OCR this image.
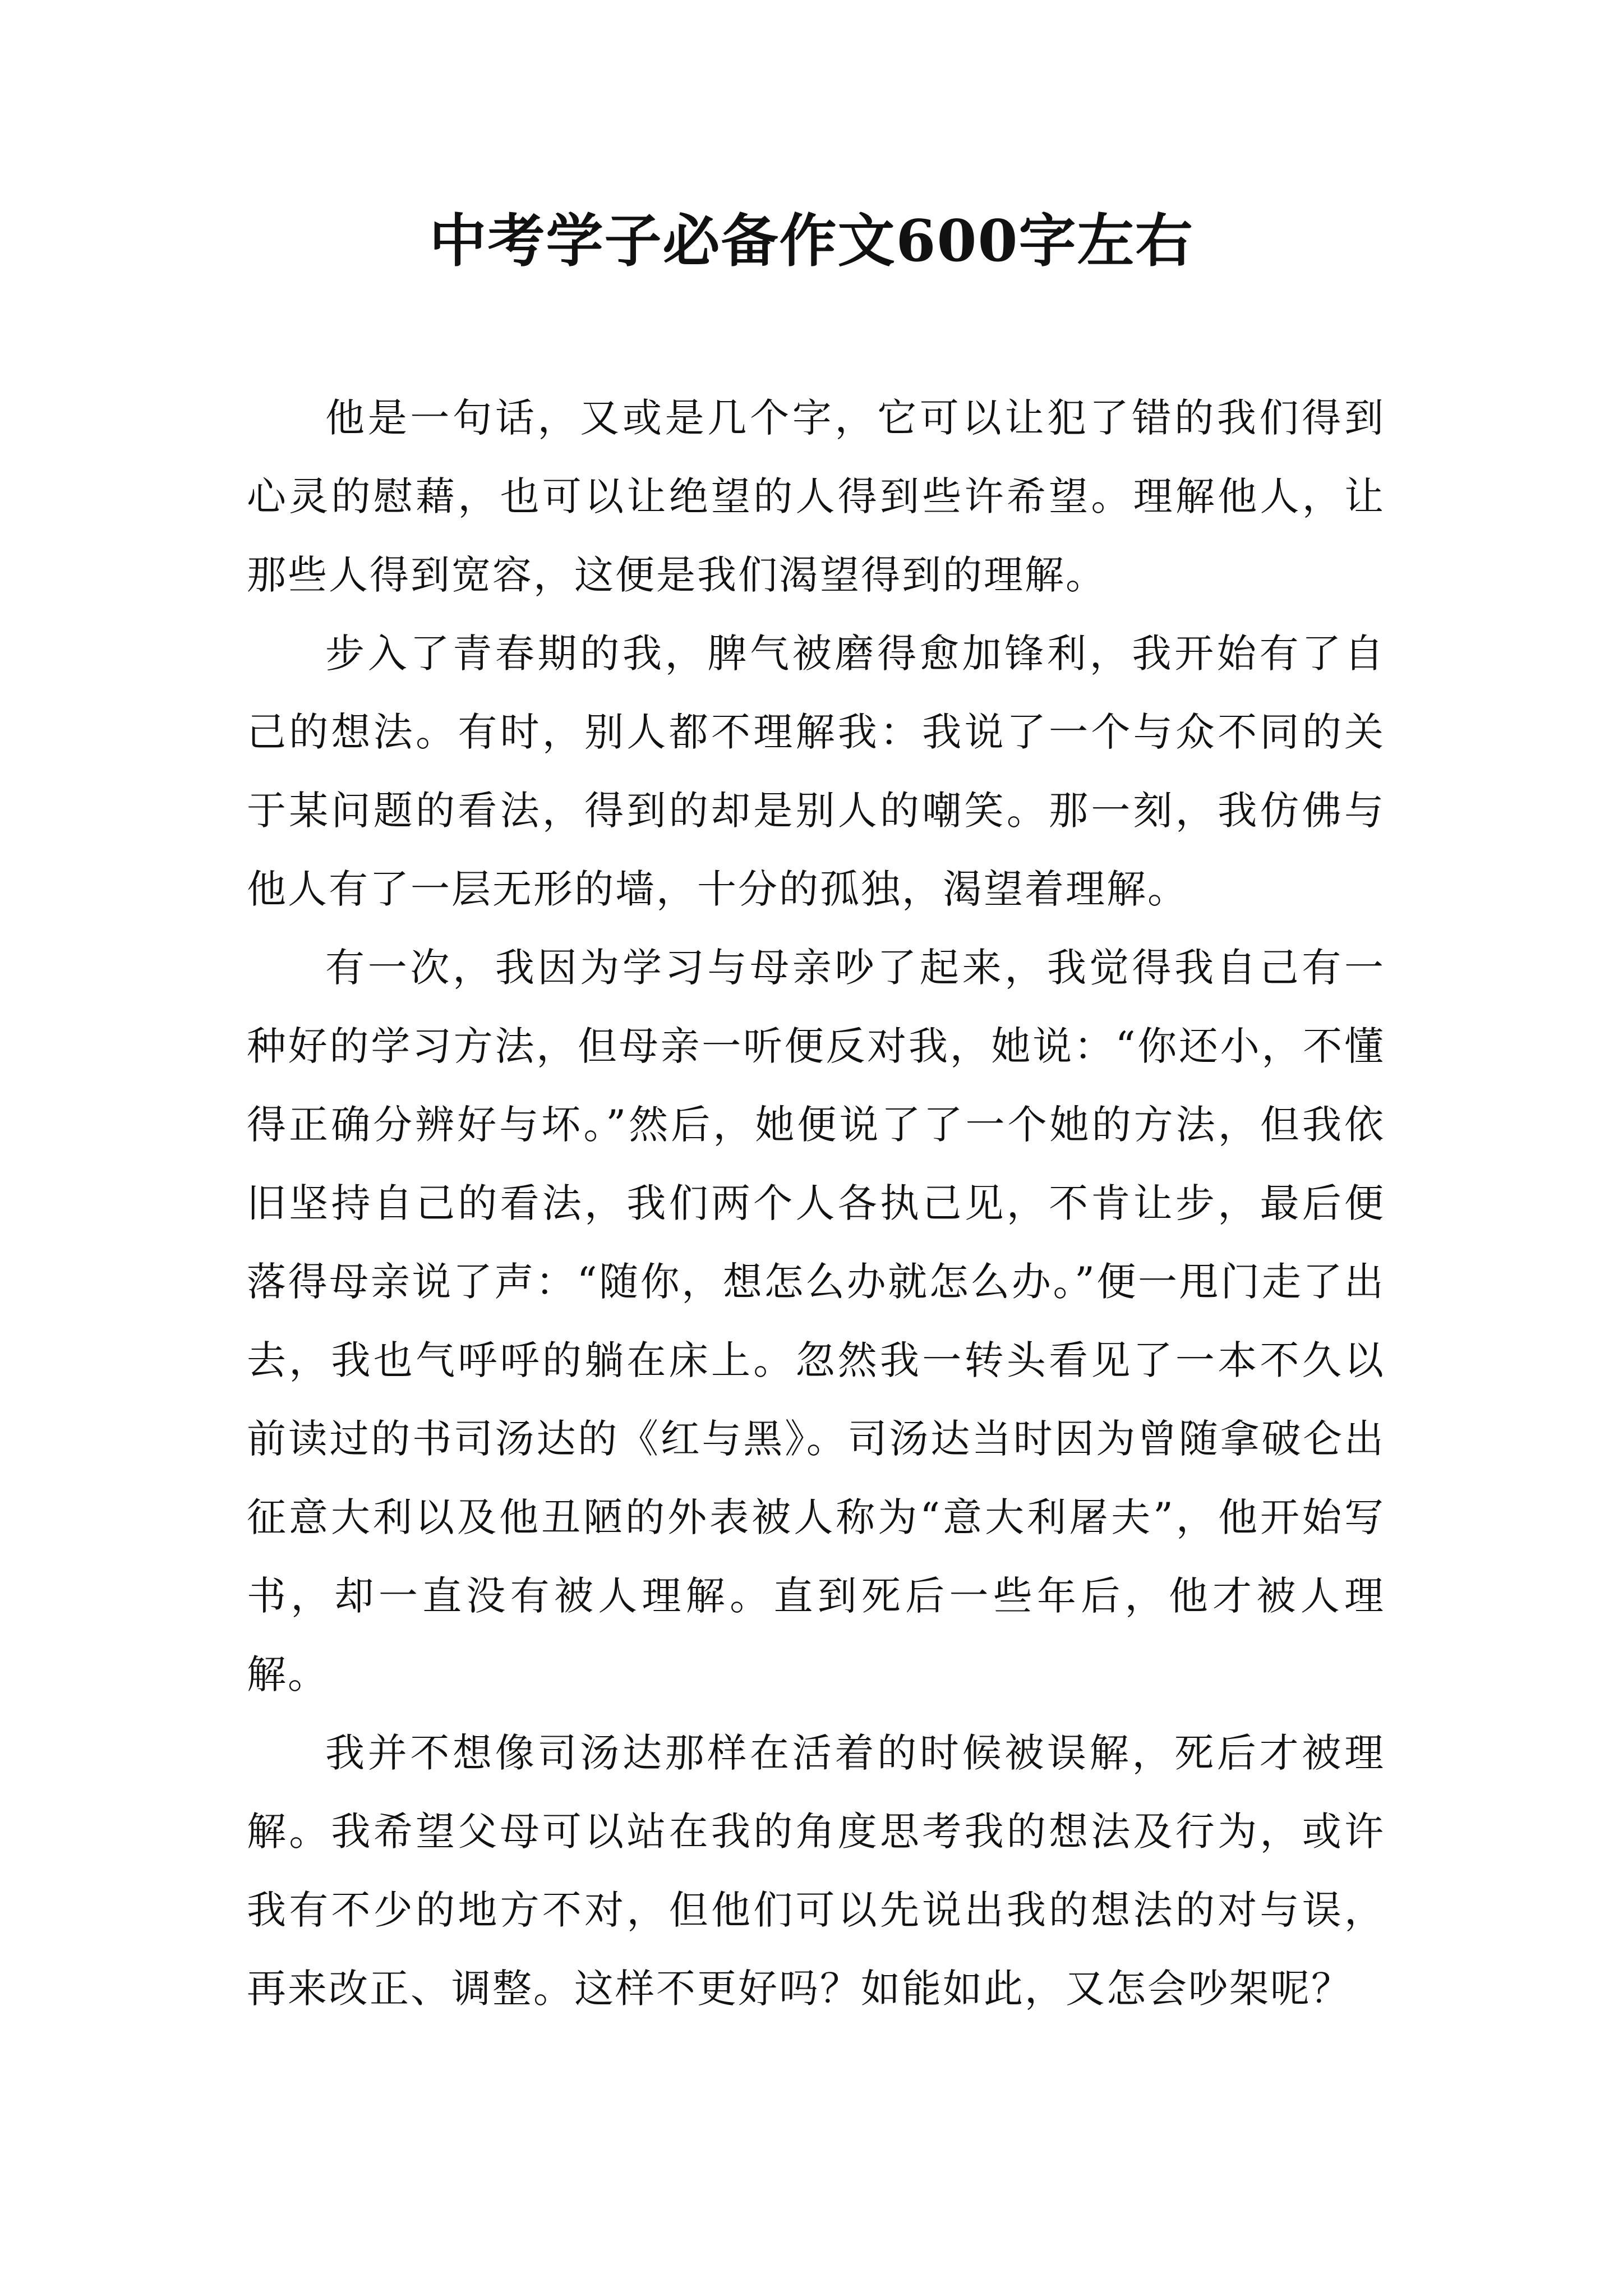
中考学子必备作文600字左右

他是一句话，又或是几个字，它可以让犯了错的我们得到心灵的慰藉，也可以让绝望的人得到些许希望。理解他人，让那些人得到宽容，这便是我们渴望得到的理解。

步入了青春期的我，脾气被磨得愈加锋利，我开始有了自己的想法。有时，别人都不理解我：我说了一个与众不同的关于某问题的看法，得到的却是别人的嘲笑。那一刻，我仿佛与他人有了一层无形的墙，十分的孤独，渴望着理解。

有一次，我因为学习与母亲吵了起来，我觉得我自己有一种好的学习方法，但母亲一听便反对我，她说：“你还小，不懂得正确分辨好与坏。”然后，她便说了了一个她的方法，但我依旧坚持自己的看法，我们两个人各执己见，不肯让步，最后便落得母亲说了声：“随你，想怎么办就怎么办。”便一甩门走了出去，我也气呼呼的躺在床上。忽然我一转头看见了一本不久以前读过的书司汤达的《红与黑》。司汤达当时因为曾随拿破仑出征意大利以及他丑陋的外表被人称为“意大利屠夫”，他开始写书，却一直没有被人理解。直到死后一些年后，他才被人理解。

我并不想像司汤达那样在活着的时候被误解，死后才被理解。我希望父母可以站在我的角度思考我的想法及行为，或许我有不少的地方不对，但他们可以先说出我的想法的对与误，再来改正、调整。这样不更好吗？如能如此，又怎会吵架呢？
